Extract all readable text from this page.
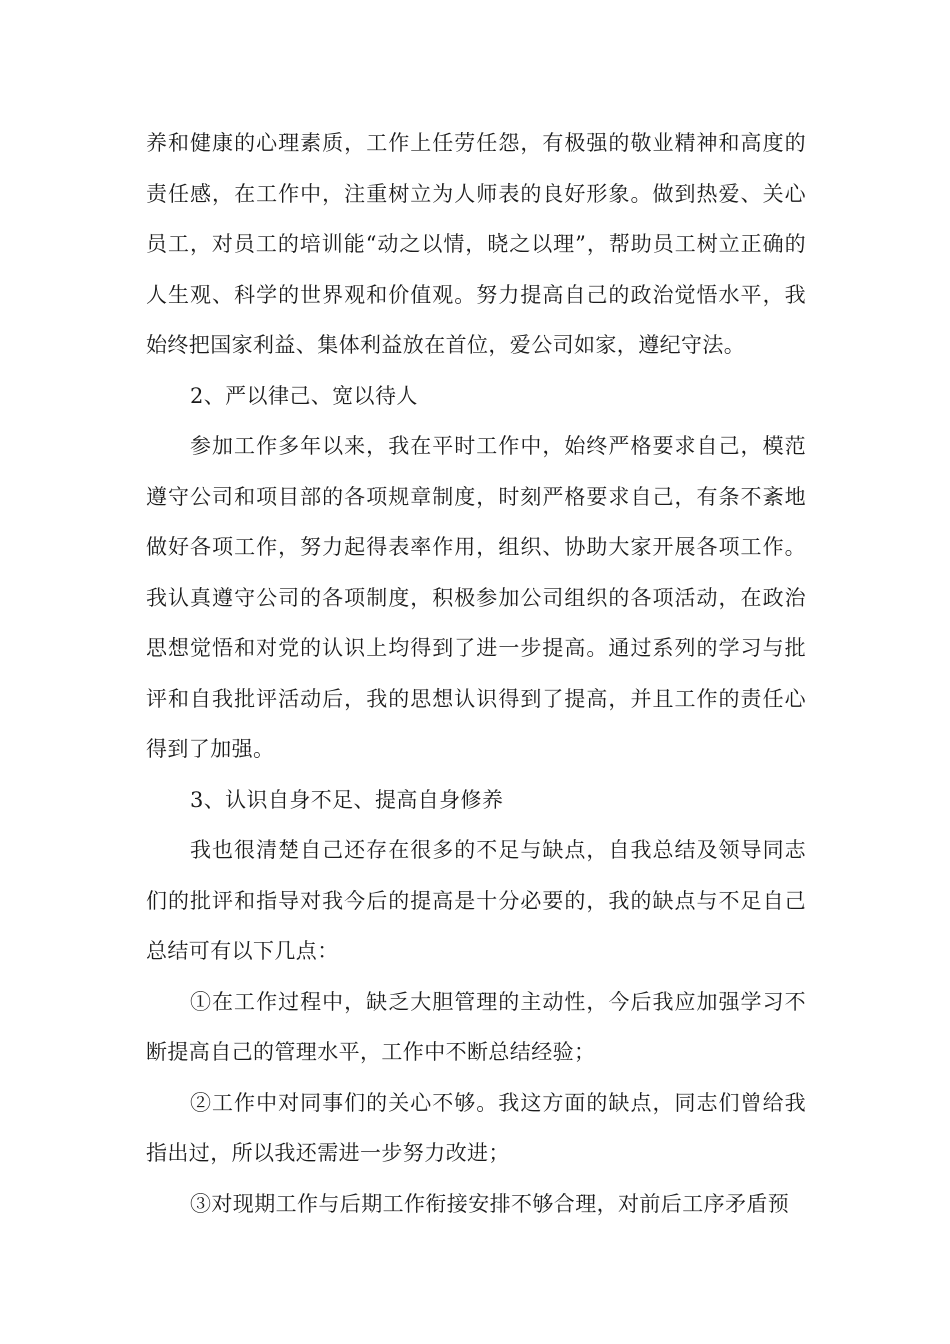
养和健康的心理素质，工作上任劳任怨，有极强的敬业精神和高度的责任感，在工作中，注重树立为人师表的良好形象。做到热爱、关心员工，对员工的培训能“动之以情，晓之以理”，帮助员工树立正确的人生观、科学的世界观和价值观。努力提高自己的政治觉悟水平，我始终把国家利益、集体利益放在首位，爱公司如家，遵纪守法。

2、严以律己、宽以待人

参加工作多年以来，我在平时工作中，始终严格要求自己，模范遵守公司和项目部的各项规章制度，时刻严格要求自己，有条不紊地做好各项工作，努力起得表率作用，组织、协助大家开展各项工作。我认真遵守公司的各项制度，积极参加公司组织的各项活动，在政治思想觉悟和对党的认识上均得到了进一步提高。通过系列的学习与批评和自我批评活动后，我的思想认识得到了提高，并且工作的责任心得到了加强。

3、认识自身不足、提高自身修养

我也很清楚自己还存在很多的不足与缺点，自我总结及领导同志们的批评和指导对我今后的提高是十分必要的，我的缺点与不足自己总结可有以下几点：

①在工作过程中，缺乏大胆管理的主动性，今后我应加强学习不断提高自己的管理水平，工作中不断总结经验；

②工作中对同事们的关心不够。我这方面的缺点，同志们曾给我指出过，所以我还需进一步努力改进；

③对现期工作与后期工作衔接安排不够合理，对前后工序矛盾预
